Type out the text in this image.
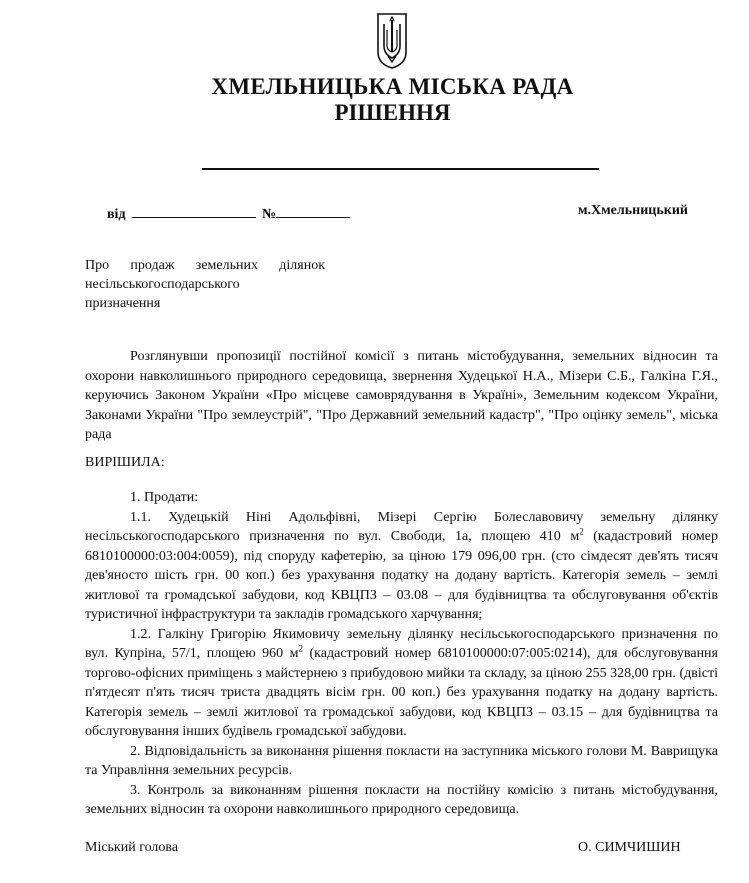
ХМЕЛЬНИЦЬКА МІСЬКА РАДА
РІШЕННЯ
від	№	м.Хмельницький
Про продаж земельних ділянок
несільськогосподарського
призначення
Розглянувши пропозиції постійної комісії з питань містобудування, земельних відносин та охорони навколишнього природного середовища, звернення Худецької Н.А., Мізери С.Б., Галкіна Г.Я., керуючись Законом України «Про місцеве самоврядування в Україні», Земельним кодексом України, Законами України "Про землеустрій", "Про Державний земельний кадастр", "Про оцінку земель", міська рада
ВИРІШИЛА:

1. Продати:

1.1. Худецькій Ніні Адольфівні, Мізері Сергію Болеславовичу земельну ділянку несільськогосподарського призначення по вул. Свободи, 1а, площею 410 $м^2$ (кадастровий номер 6810100000:03:004:0059), під споруду кафетерію, за ціною 179 096,00 грн. (сто сімдесят дев'ять тисяч дев'яносто шість грн. 00 коп.) без урахування податку на додану вартість. Категорія земель – землі житлової та громадської забудови, код КВЦПЗ – 03.08 – для будівництва та обслуговування об'єктів туристичної інфраструктури та закладів громадського харчування;

1.2. Галкіну Григорію Якимовичу земельну ділянку несільськогосподарського призначення по вул. Купріна, 57/1, площею 960 $м^2$ (кадастровий номер 6810100000:07:005:0214), для обслуговування торгово-офісних приміщень з майстернею з прибудовою мийки та складу, за ціною 255 328,00 грн. (двісті п'ятдесят п'ять тисяч триста двадцять вісім грн. 00 коп.) без урахування податку на додану вартість. Категорія земель – землі житлової та громадської забудови, код КВЦПЗ – 03.15 – для будівництва та обслуговування інших будівель громадської забудови.

2. Відповідальність за виконання рішення покласти на заступника міського голови М. Ваврищука та Управління земельних ресурсів.

3. Контроль за виконанням рішення покласти на постійну комісію з питань містобудування, земельних відносин та охорони навколишнього природного середовища.

Міський голова	О. СИМЧИШИН
